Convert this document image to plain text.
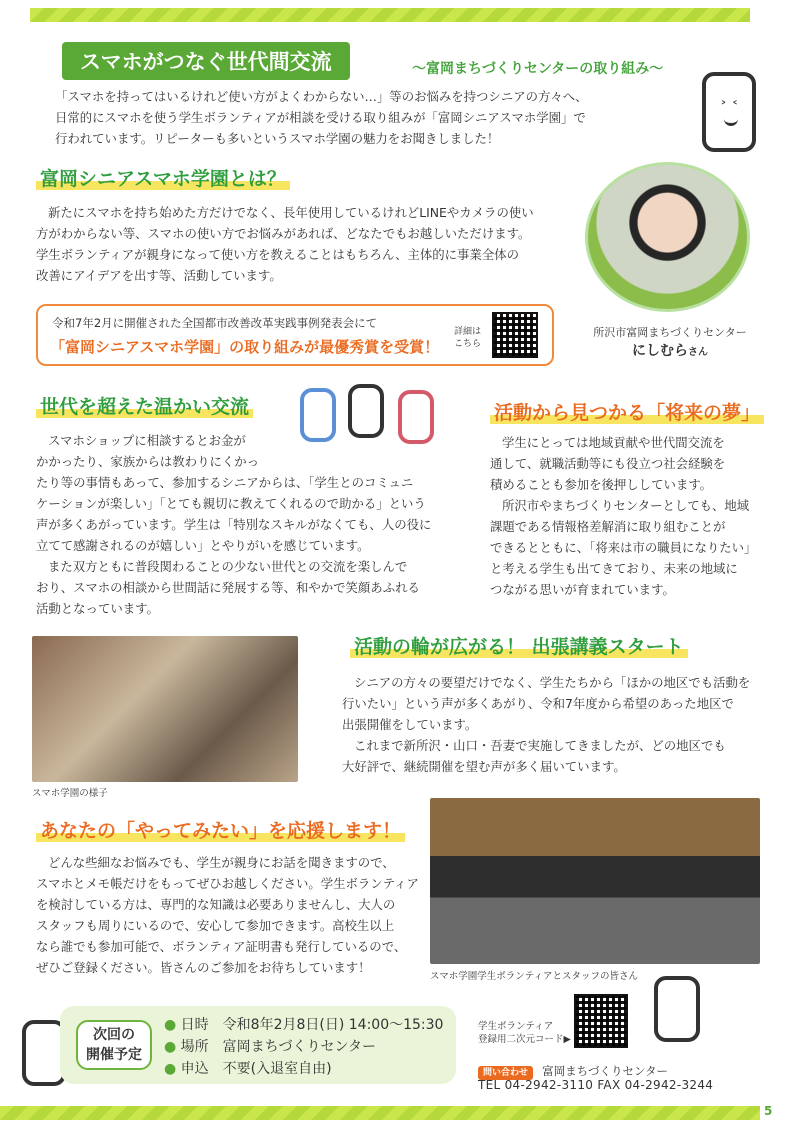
スマホがつなぐ世代間交流	～富岡まちづくりセンターの取り組み～
˃ ˂
「スマホを持ってはいるけれど使い方がよくわからない…」等のお悩みを持つシニアの方々へ、
日常的にスマホを使う学生ボランティアが相談を受ける取り組みが「富岡シニアスマホ学園」で
行われています。リピーターも多いというスマホ学園の魅力をお聞きしました！
富岡シニアスマホ学園とは？
新たにスマホを持ち始めた方だけでなく、長年使用しているけれどLINEやカメラの使い
方がわからない等、スマホの使い方でお悩みがあれば、どなたでもお越しいただけます。
学生ボランティアが親身になって使い方を教えることはもちろん、主体的に事業全体の
改善にアイデアを出す等、活動しています。
所沢市富岡まちづくりセンター
にしむらさん
令和7年2月に開催された全国都市改善改革実践事例発表会にて
「富岡シニアスマホ学園」の取り組みが最優秀賞を受賞！
詳細は
こちら
世代を超えた温かい交流
スマホショップに相談するとお金が
かかったり、家族からは教わりにくかっ
たり等の事情もあって、参加するシニアからは、「学生とのコミュニ
ケーションが楽しい」「とても親切に教えてくれるので助かる」という
声が多くあがっています。学生は「特別なスキルがなくても、人の役に
立てて感謝されるのが嬉しい」とやりがいを感じています。
また双方ともに普段関わることの少ない世代との交流を楽しんで
おり、スマホの相談から世間話に発展する等、和やかで笑顔あふれる
活動となっています。
活動から見つかる「将来の夢」
学生にとっては地域貢献や世代間交流を
通して、就職活動等にも役立つ社会経験を
積めることも参加を後押ししています。
所沢市やまちづくりセンターとしても、地域
課題である情報格差解消に取り組むことが
できるとともに、「将来は市の職員になりたい」
と考える学生も出てきており、未来の地域に
つながる思いが育まれています。
スマホ学園の様子
活動の輪が広がる！ 出張講義スタート
シニアの方々の要望だけでなく、学生たちから「ほかの地区でも活動を
行いたい」という声が多くあがり、令和7年度から希望のあった地区で
出張開催をしています。
これまで新所沢・山口・吾妻で実施してきましたが、どの地区でも
大好評で、継続開催を望む声が多く届いています。
あなたの「やってみたい」を応援します！
どんな些細なお悩みでも、学生が親身にお話を聞きますので、
スマホとメモ帳だけをもってぜひお越しください。学生ボランティア
を検討している方は、専門的な知識は必要ありませんし、大人の
スタッフも周りにいるので、安心して参加できます。高校生以上
なら誰でも参加可能で、ボランティア証明書も発行しているので、
ぜひご登録ください。皆さんのご参加をお待ちしています！
スマホ学園学生ボランティアとスタッフの皆さん
次回の
開催予定
● 日時　 令和8年2月8日(日) 14:00～15:30
● 場所　 富岡まちづくりセンター
● 申込　 不要(入退室自由)
学生ボランティア
登録用二次元コード▶
問い合わせ 富岡まちづくりセンター
TEL 04-2942-3110 FAX 04-2942-3244
5
